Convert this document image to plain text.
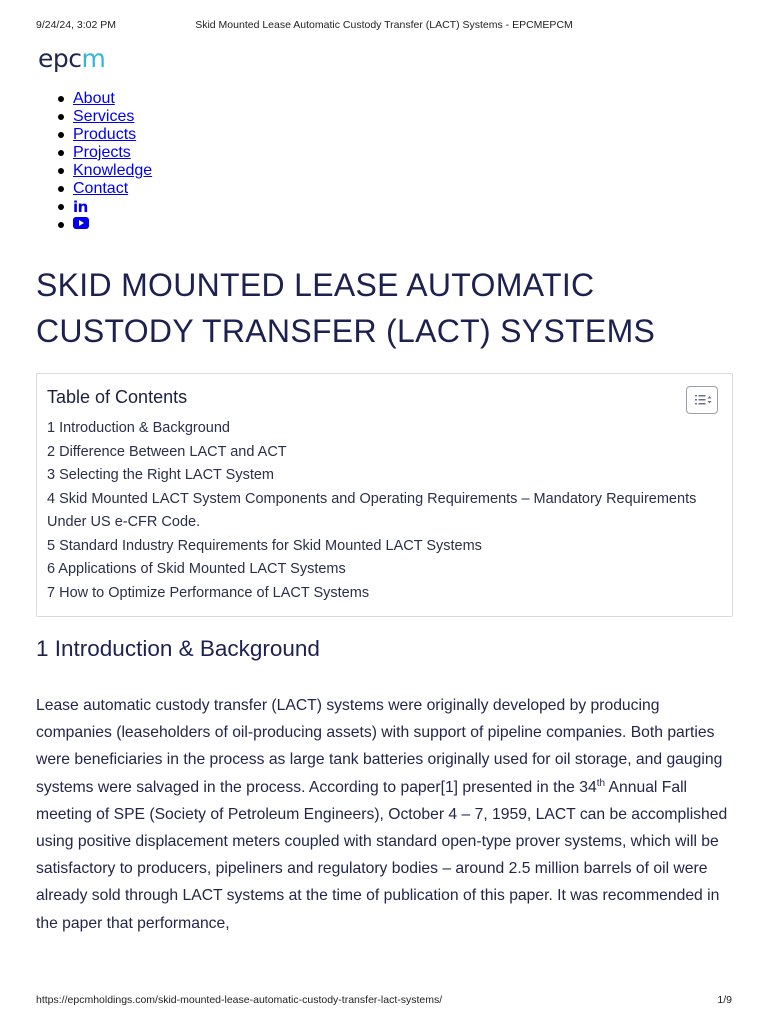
9/24/24, 3:02 PM	Skid Mounted Lease Automatic Custody Transfer (LACT) Systems - EPCMEPCM
epcm
About
Services
Products
Projects
Knowledge
Contact
in
SKID MOUNTED LEASE AUTOMATIC CUSTODY TRANSFER (LACT) SYSTEMS
Table of Contents
1 Introduction & Background
2 Difference Between LACT and ACT
3 Selecting the Right LACT System
4 Skid Mounted LACT System Components and Operating Requirements – Mandatory Requirements Under US e-CFR Code.
5 Standard Industry Requirements for Skid Mounted LACT Systems
6 Applications of Skid Mounted LACT Systems
7 How to Optimize Performance of LACT Systems
1 Introduction & Background

Lease automatic custody transfer (LACT) systems were originally developed by producing companies (leaseholders of oil-producing assets) with support of pipeline companies. Both parties were beneficiaries in the process as large tank batteries originally used for oil storage, and gauging systems were salvaged in the process. According to paper[1] presented in the 34th Annual Fall meeting of SPE (Society of Petroleum Engineers), October 4 – 7, 1959, LACT can be accomplished using positive displacement meters coupled with standard open-type prover systems, which will be satisfactory to producers, pipeliners and regulatory bodies – around 2.5 million barrels of oil were already sold through LACT systems at the time of publication of this paper. It was recommended in the paper that performance,

https://epcmholdings.com/skid-mounted-lease-automatic-custody-transfer-lact-systems/	1/9
